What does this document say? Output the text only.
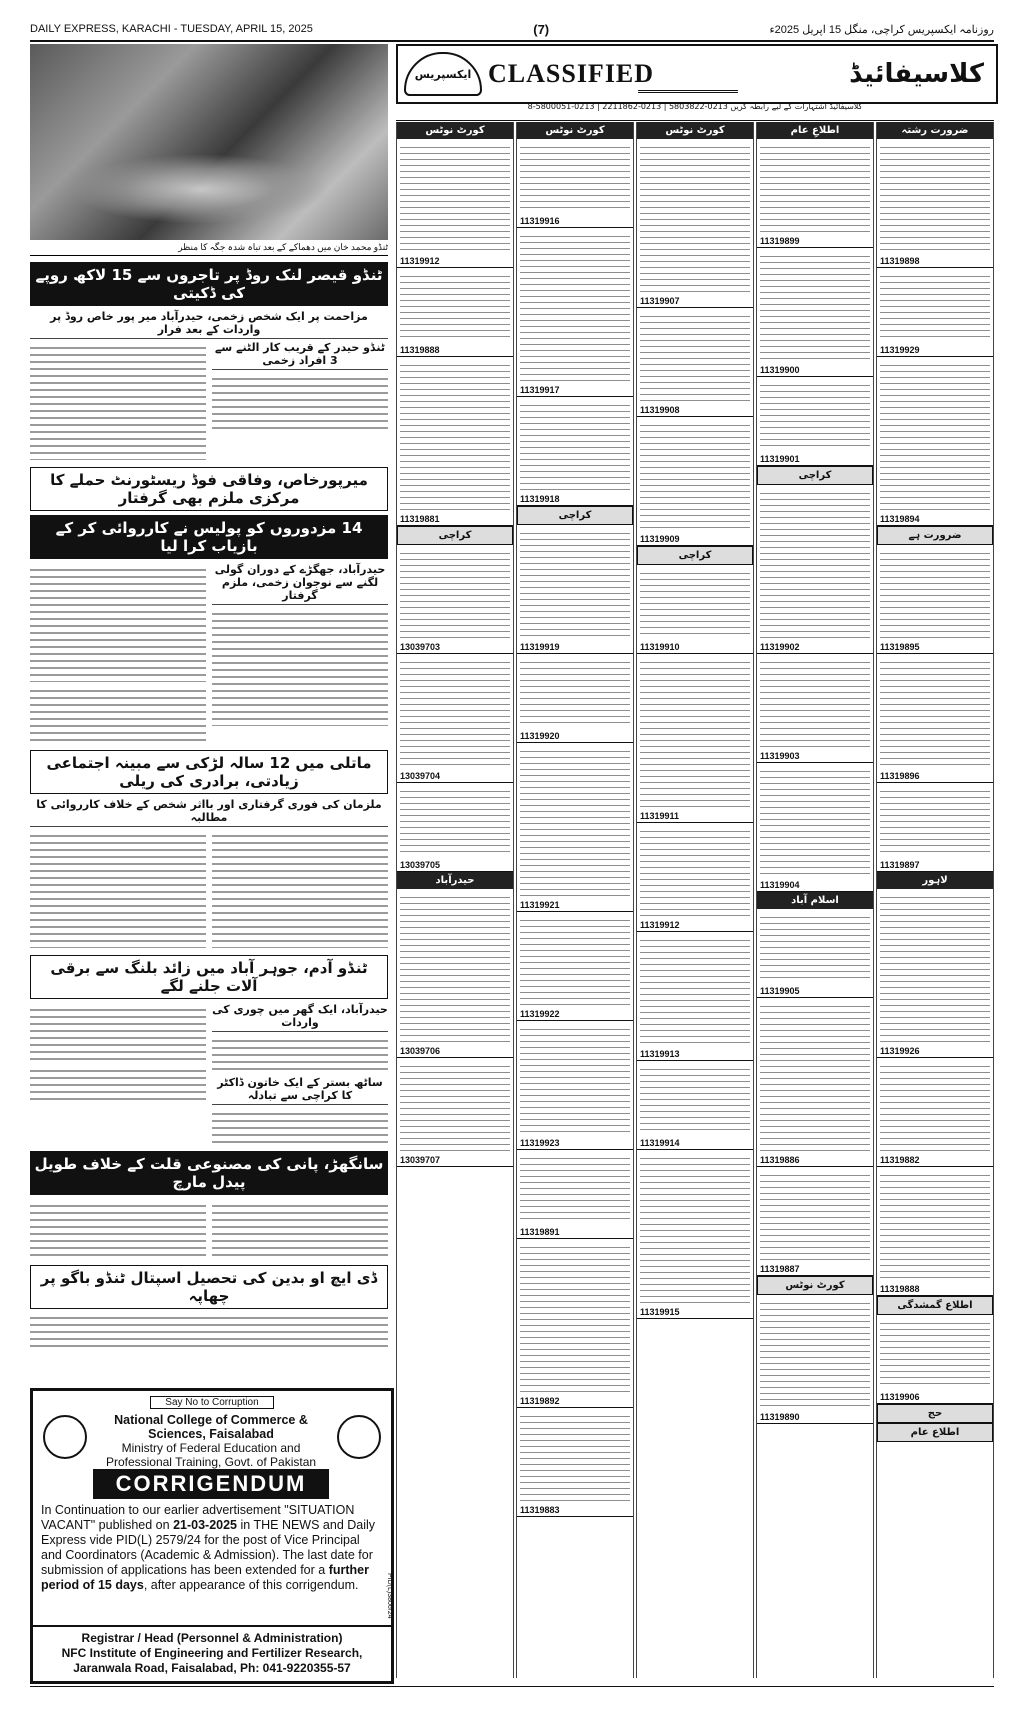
DAILY EXPRESS, KARACHI - TUESDAY, APRIL 15, 2025	(7)	روزنامہ ایکسپریس کراچی، منگل 15 اپریل 2025ء
ٹنڈو محمد خان میں دھماکے کے بعد تباہ شدہ جگہ کا منظر
ٹنڈو قیصر لنک روڈ پر تاجروں سے 15 لاکھ روپے کی ڈکیتی
مزاحمت پر ایک شخص زخمی، حیدرآباد میر پور خاص روڈ پر واردات کے بعد فرار
ٹنڈو حیدر کے قریب کار الٹنے سے 3 افراد زخمی
میرپورخاص، وفاقی فوڈ ریسٹورنٹ حملے کا مرکزی ملزم بھی گرفتار
14 مزدوروں کو پولیس نے کارروائی کر کے بازیاب کرا لیا
حیدرآباد، جھگڑے کے دوران گولی لگنے سے نوجوان زخمی، ملزم گرفتار
ماتلی میں 12 سالہ لڑکی سے مبینہ اجتماعی زیادتی، برادری کی ریلی
ملزمان کی فوری گرفتاری اور بااثر شخص کے خلاف کارروائی کا مطالبہ
ٹنڈو آدم، جوہر آباد میں زائد بلنگ سے برقی آلات جلنے لگے
حیدرآباد، ایک گھر میں چوری کی واردات
ساٹھ بستر کے ایک خاتون ڈاکٹر کا کراچی سے تبادلہ
سانگھڑ، پانی کی مصنوعی قلت کے خلاف طویل پیدل مارچ
ڈی ایچ او بدین کی تحصیل اسپتال ٹنڈو باگو پر چھاپہ
Say No to Corruption
National College of Commerce & Sciences, Faisalabad
Ministry of Federal Education and Professional Training, Govt. of Pakistan
CORRIGENDUM
In Continuation to our earlier advertisement "SITUATION VACANT" published on 21-03-2025 in THE NEWS and Daily Express vide PID(L) 2579/24 for the post of Vice Principal and Coordinators (Academic & Admission). The last date for submission of applications has been extended for a further period of 15 days, after appearance of this corrigendum.	PID(L)3806/24
Registrar / Head (Personnel & Administration)
NFC Institute of Engineering and Fertilizer Research,
Jaranwala Road, Faisalabad, Ph: 041-9220355-57
ایکسپریس CLASSIFIED	کلاسیفائیڈ
کلاسیفائیڈ اشتہارات کے لیے رابطہ کریں 0213-5803822 | 0213-2211862 | 0213-5800051-8
کورٹ نوٹس
11319912
11319888
11319881
کراچی
13039703
13039704
13039705
حیدرآباد
13039706
13039707
کورٹ نوٹس
11319916
11319917
11319918
کراچی
11319919
11319920
11319921
11319922
11319923
11319891
11319892
11319883
کورٹ نوٹس
11319907
11319908
11319909
کراچی
11319910
11319911
11319912
11319913
11319914
11319915
اطلاعِ عام
11319899
11319900
11319901
کراچی
11319902
11319903
11319904
اسلام آباد
11319905
11319886
11319887
کورٹ نوٹس
11319890
ضرورت رشتہ
11319898
11319929
11319894
ضرورت ہے
11319895
11319896
11319897
لاہور
11319926
11319882
11319888
اطلاع گمشدگی
11319906
حج
اطلاع عام
